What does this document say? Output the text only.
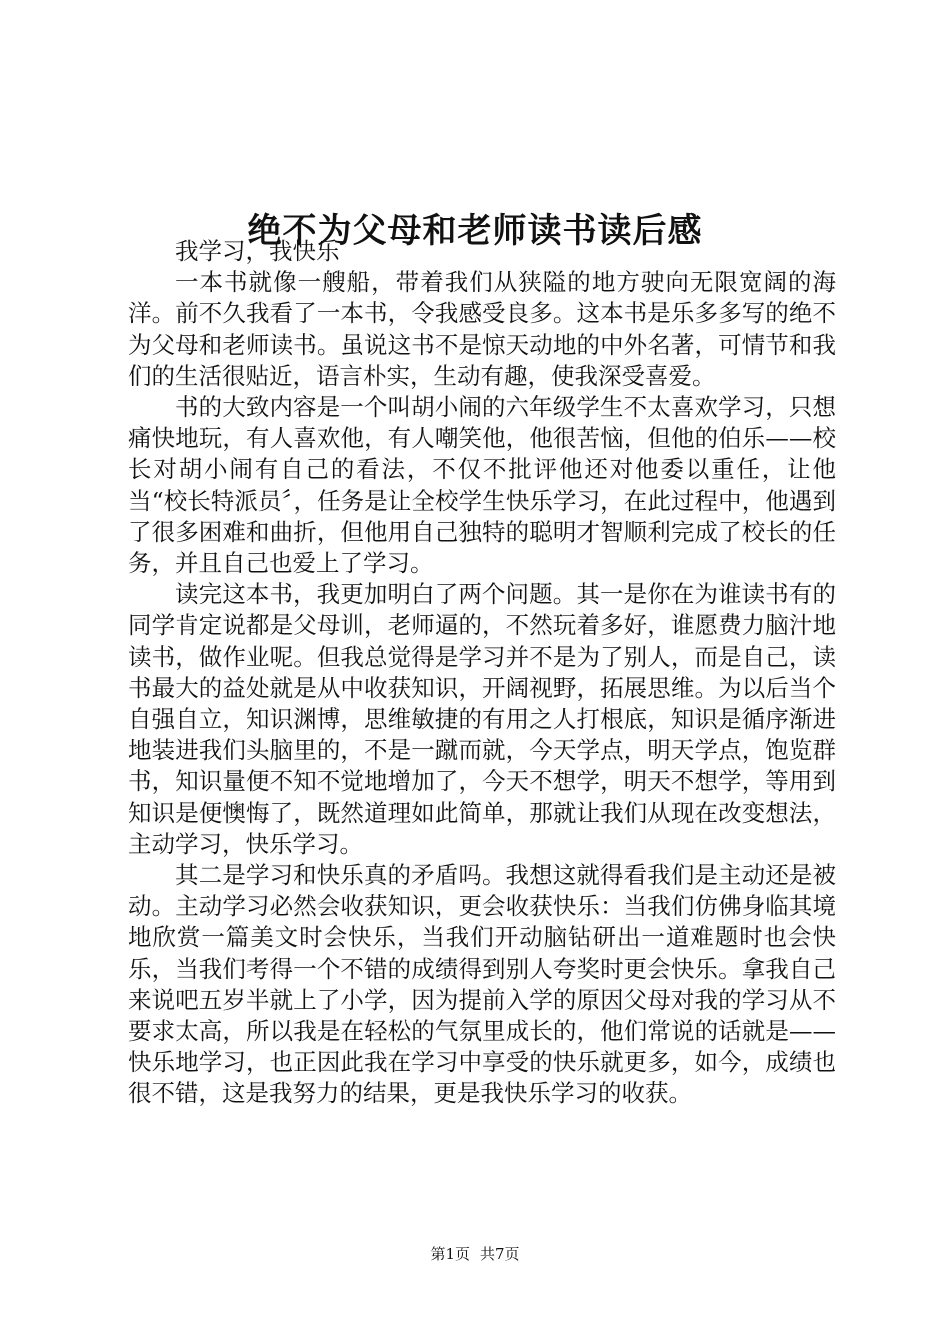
绝不为父母和老师读书读后感

我学习，我快乐

一本书就像一艘船，带着我们从狭隘的地方驶向无限宽阔的海洋。前不久我看了一本书，令我感受良多。这本书是乐多多写的绝不为父母和老师读书。虽说这书不是惊天动地的中外名著，可情节和我们的生活很贴近，语言朴实，生动有趣，使我深受喜爱。

书的大致内容是一个叫胡小闹的六年级学生不太喜欢学习，只想痛快地玩，有人喜欢他，有人嘲笑他，他很苦恼，但他的伯乐——校长对胡小闹有自己的看法，不仅不批评他还对他委以重任，让他当“校长特派员〞，任务是让全校学生快乐学习，在此过程中，他遇到了很多困难和曲折，但他用自己独特的聪明才智顺利完成了校长的任务，并且自己也爱上了学习。

读完这本书，我更加明白了两个问题。其一是你在为谁读书有的同学肯定说都是父母训，老师逼的，不然玩着多好，谁愿费力脑汁地读书，做作业呢。但我总觉得是学习并不是为了别人，而是自己，读书最大的益处就是从中收获知识，开阔视野，拓展思维。为以后当个自强自立，知识渊博，思维敏捷的有用之人打根底，知识是循序渐进地装进我们头脑里的，不是一蹴而就，今天学点，明天学点，饱览群书，知识量便不知不觉地增加了，今天不想学，明天不想学，等用到知识是便懊悔了，既然道理如此简单，那就让我们从现在改变想法，主动学习，快乐学习。

其二是学习和快乐真的矛盾吗。我想这就得看我们是主动还是被动。主动学习必然会收获知识，更会收获快乐：当我们仿佛身临其境地欣赏一篇美文时会快乐，当我们开动脑钻研出一道难题时也会快乐，当我们考得一个不错的成绩得到别人夸奖时更会快乐。拿我自己来说吧五岁半就上了小学，因为提前入学的原因父母对我的学习从不要求太高，所以我是在轻松的气氛里成长的，他们常说的话就是——快乐地学习，也正因此我在学习中享受的快乐就更多，如今，成绩也很不错，这是我努力的结果，更是我快乐学习的收获。

第1页 共7页
